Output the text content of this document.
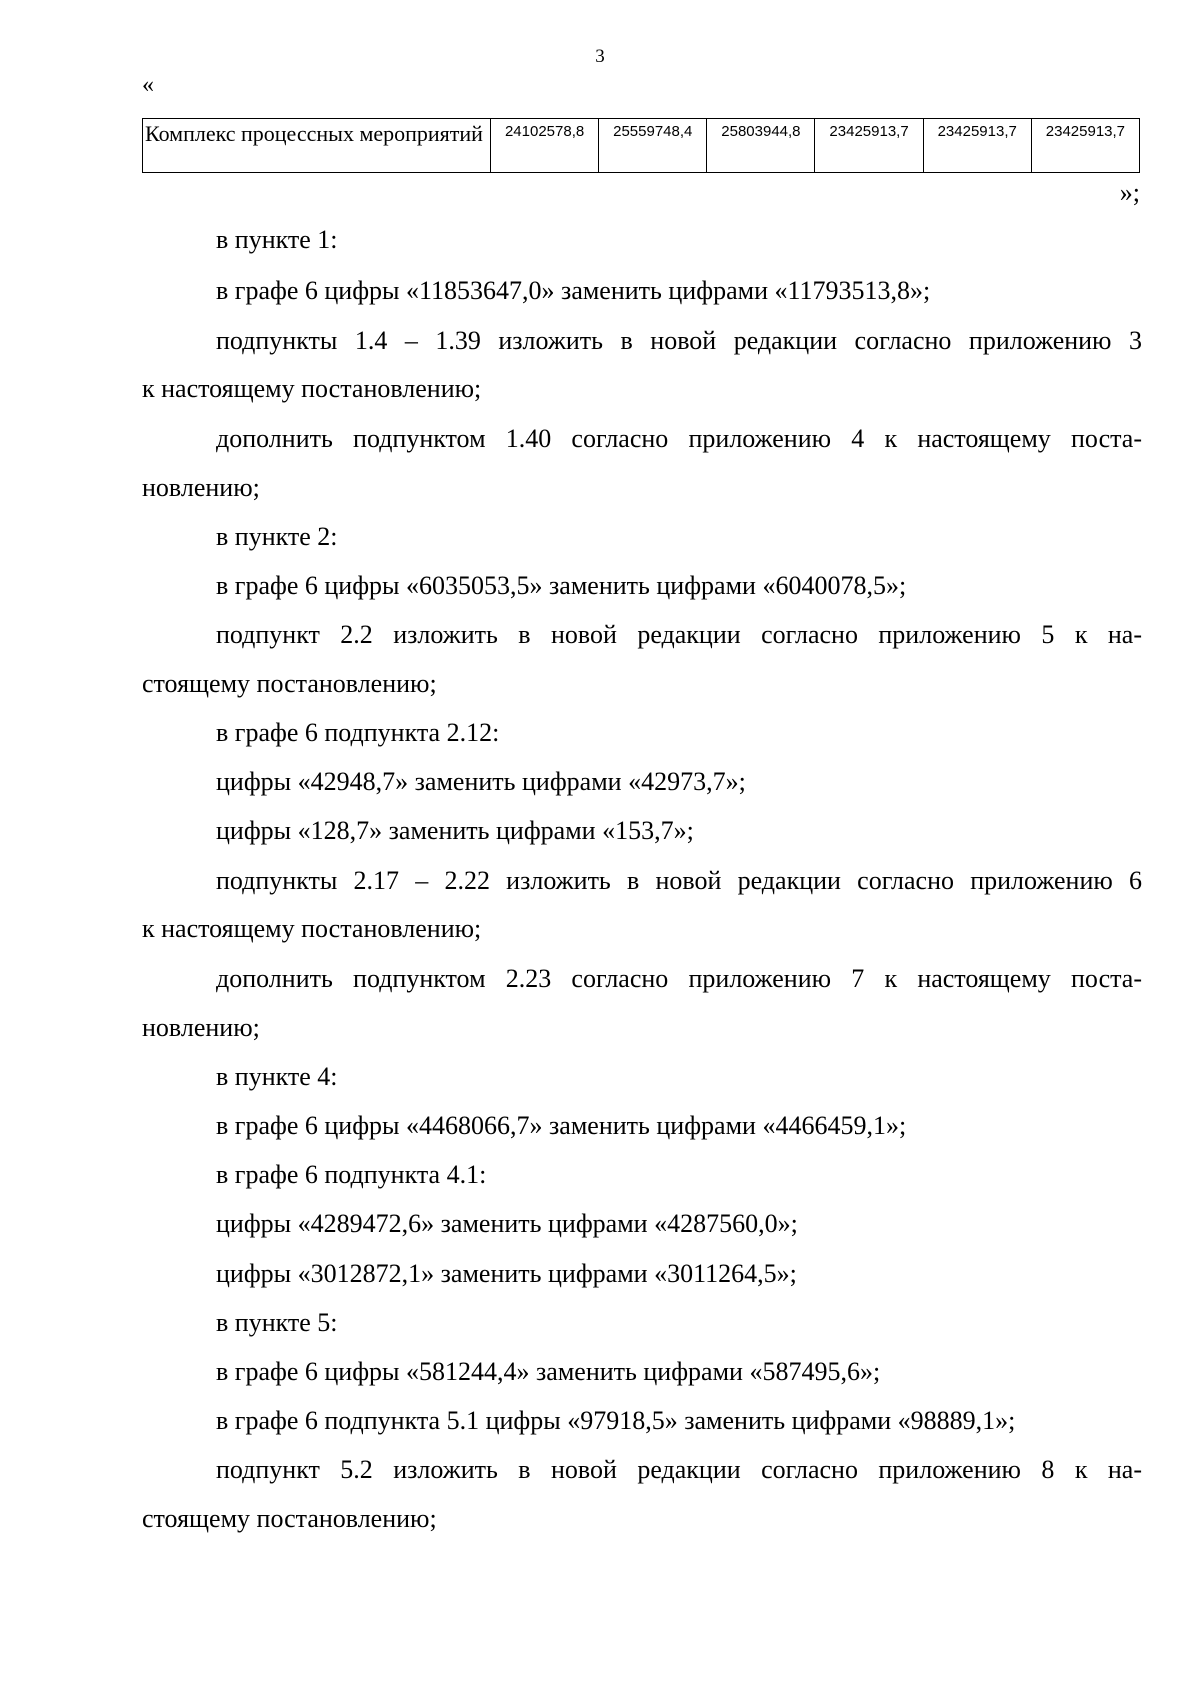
3
«
Комплекс процессных мероприятий	24102578,8	25559748,4	25803944,8	23425913,7	23425913,7	23425913,7
»;
в пункте 1:
в графе 6 цифры «11853647,0» заменить цифрами «11793513,8»;
подпункты 1.4 – 1.39 изложить в новой редакции согласно приложению 3
к настоящему постановлению;
дополнить подпунктом 1.40 согласно приложению 4 к настоящему поста-
новлению;
в пункте 2:
в графе 6 цифры «6035053,5» заменить цифрами «6040078,5»;
подпункт 2.2 изложить в новой редакции согласно приложению 5 к на-
стоящему постановлению;
в графе 6 подпункта 2.12:
цифры «42948,7» заменить цифрами «42973,7»;
цифры «128,7» заменить цифрами «153,7»;
подпункты 2.17 – 2.22 изложить в новой редакции согласно приложению 6
к настоящему постановлению;
дополнить подпунктом 2.23 согласно приложению 7 к настоящему поста-
новлению;
в пункте 4:
в графе 6 цифры «4468066,7» заменить цифрами «4466459,1»;
в графе 6 подпункта 4.1:
цифры «4289472,6» заменить цифрами «4287560,0»;
цифры «3012872,1» заменить цифрами «3011264,5»;
в пункте 5:
в графе 6 цифры «581244,4» заменить цифрами «587495,6»;
в графе 6 подпункта 5.1 цифры «97918,5» заменить цифрами «98889,1»;
подпункт 5.2 изложить в новой редакции согласно приложению 8 к на-
стоящему постановлению;
